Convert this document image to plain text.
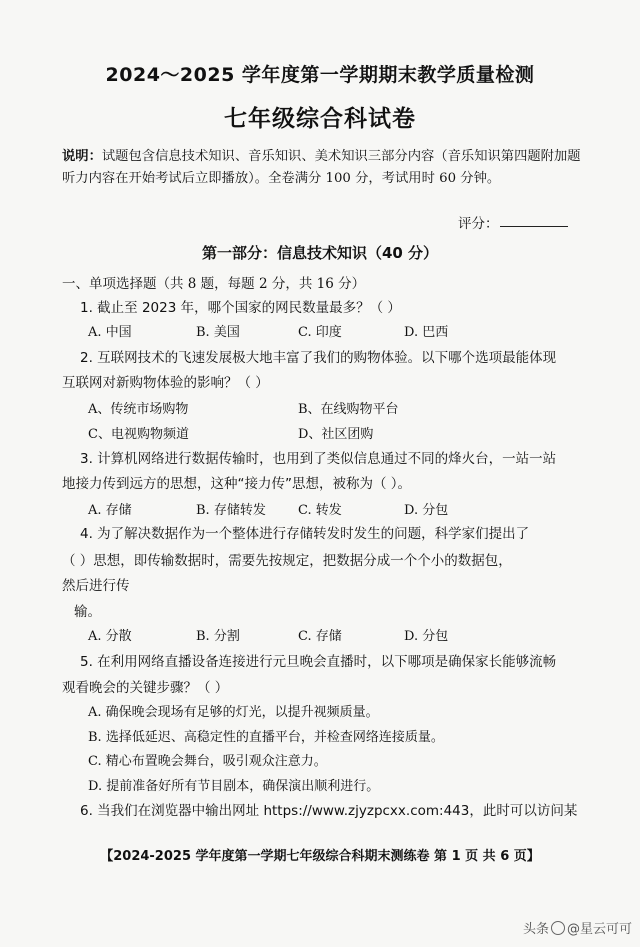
2024～2025 学年度第一学期期末教学质量检测
七年级综合科试卷
说明：试题包含信息技术知识、音乐知识、美术知识三部分内容（音乐知识第四题附加题听力内容在开始考试后立即播放）。全卷满分 100 分，考试用时 60 分钟。
评分：
第一部分：信息技术知识（40 分）
一、单项选择题（共 8 题，每题 2 分，共 16 分）
1. 截止至 2023 年，哪个国家的网民数量最多？（ ）
A. 中国	B. 美国	C. 印度	D. 巴西
2. 互联网技术的飞速发展极大地丰富了我们的购物体验。以下哪个选项最能体现
互联网对新购物体验的影响？（ ）
A、传统市场购物	B、在线购物平台
C、电视购物频道	D、社区团购
3. 计算机网络进行数据传输时，也用到了类似信息通过不同的烽火台，一站一站
地接力传到远方的思想，这种“接力传”思想，被称为（ ）。
A. 存储	B. 存储转发 C. 转发	D. 分包
4. 为了解决数据作为一个整体进行存储转发时发生的问题，科学家们提出了
（ ）思想，即传输数据时，需要先按规定，把数据分成一个个小的数据包，
然后进行传
输。
A. 分散	B. 分割	C. 存储	D. 分包
5. 在利用网络直播设备连接进行元旦晚会直播时，以下哪项是确保家长能够流畅
观看晚会的关键步骤？（ ）
A. 确保晚会现场有足够的灯光，以提升视频质量。
B. 选择低延迟、高稳定性的直播平台，并检查网络连接质量。
C. 精心布置晚会舞台，吸引观众注意力。
D. 提前准备好所有节目剧本，确保演出顺利进行。
6. 当我们在浏览器中输出网址 https://www.zjyzpcxx.com:443，此时可以访问某
【2024-2025 学年度第一学期七年级综合科期末测练卷 第 1 页 共 6 页】
头条 @星云可可
